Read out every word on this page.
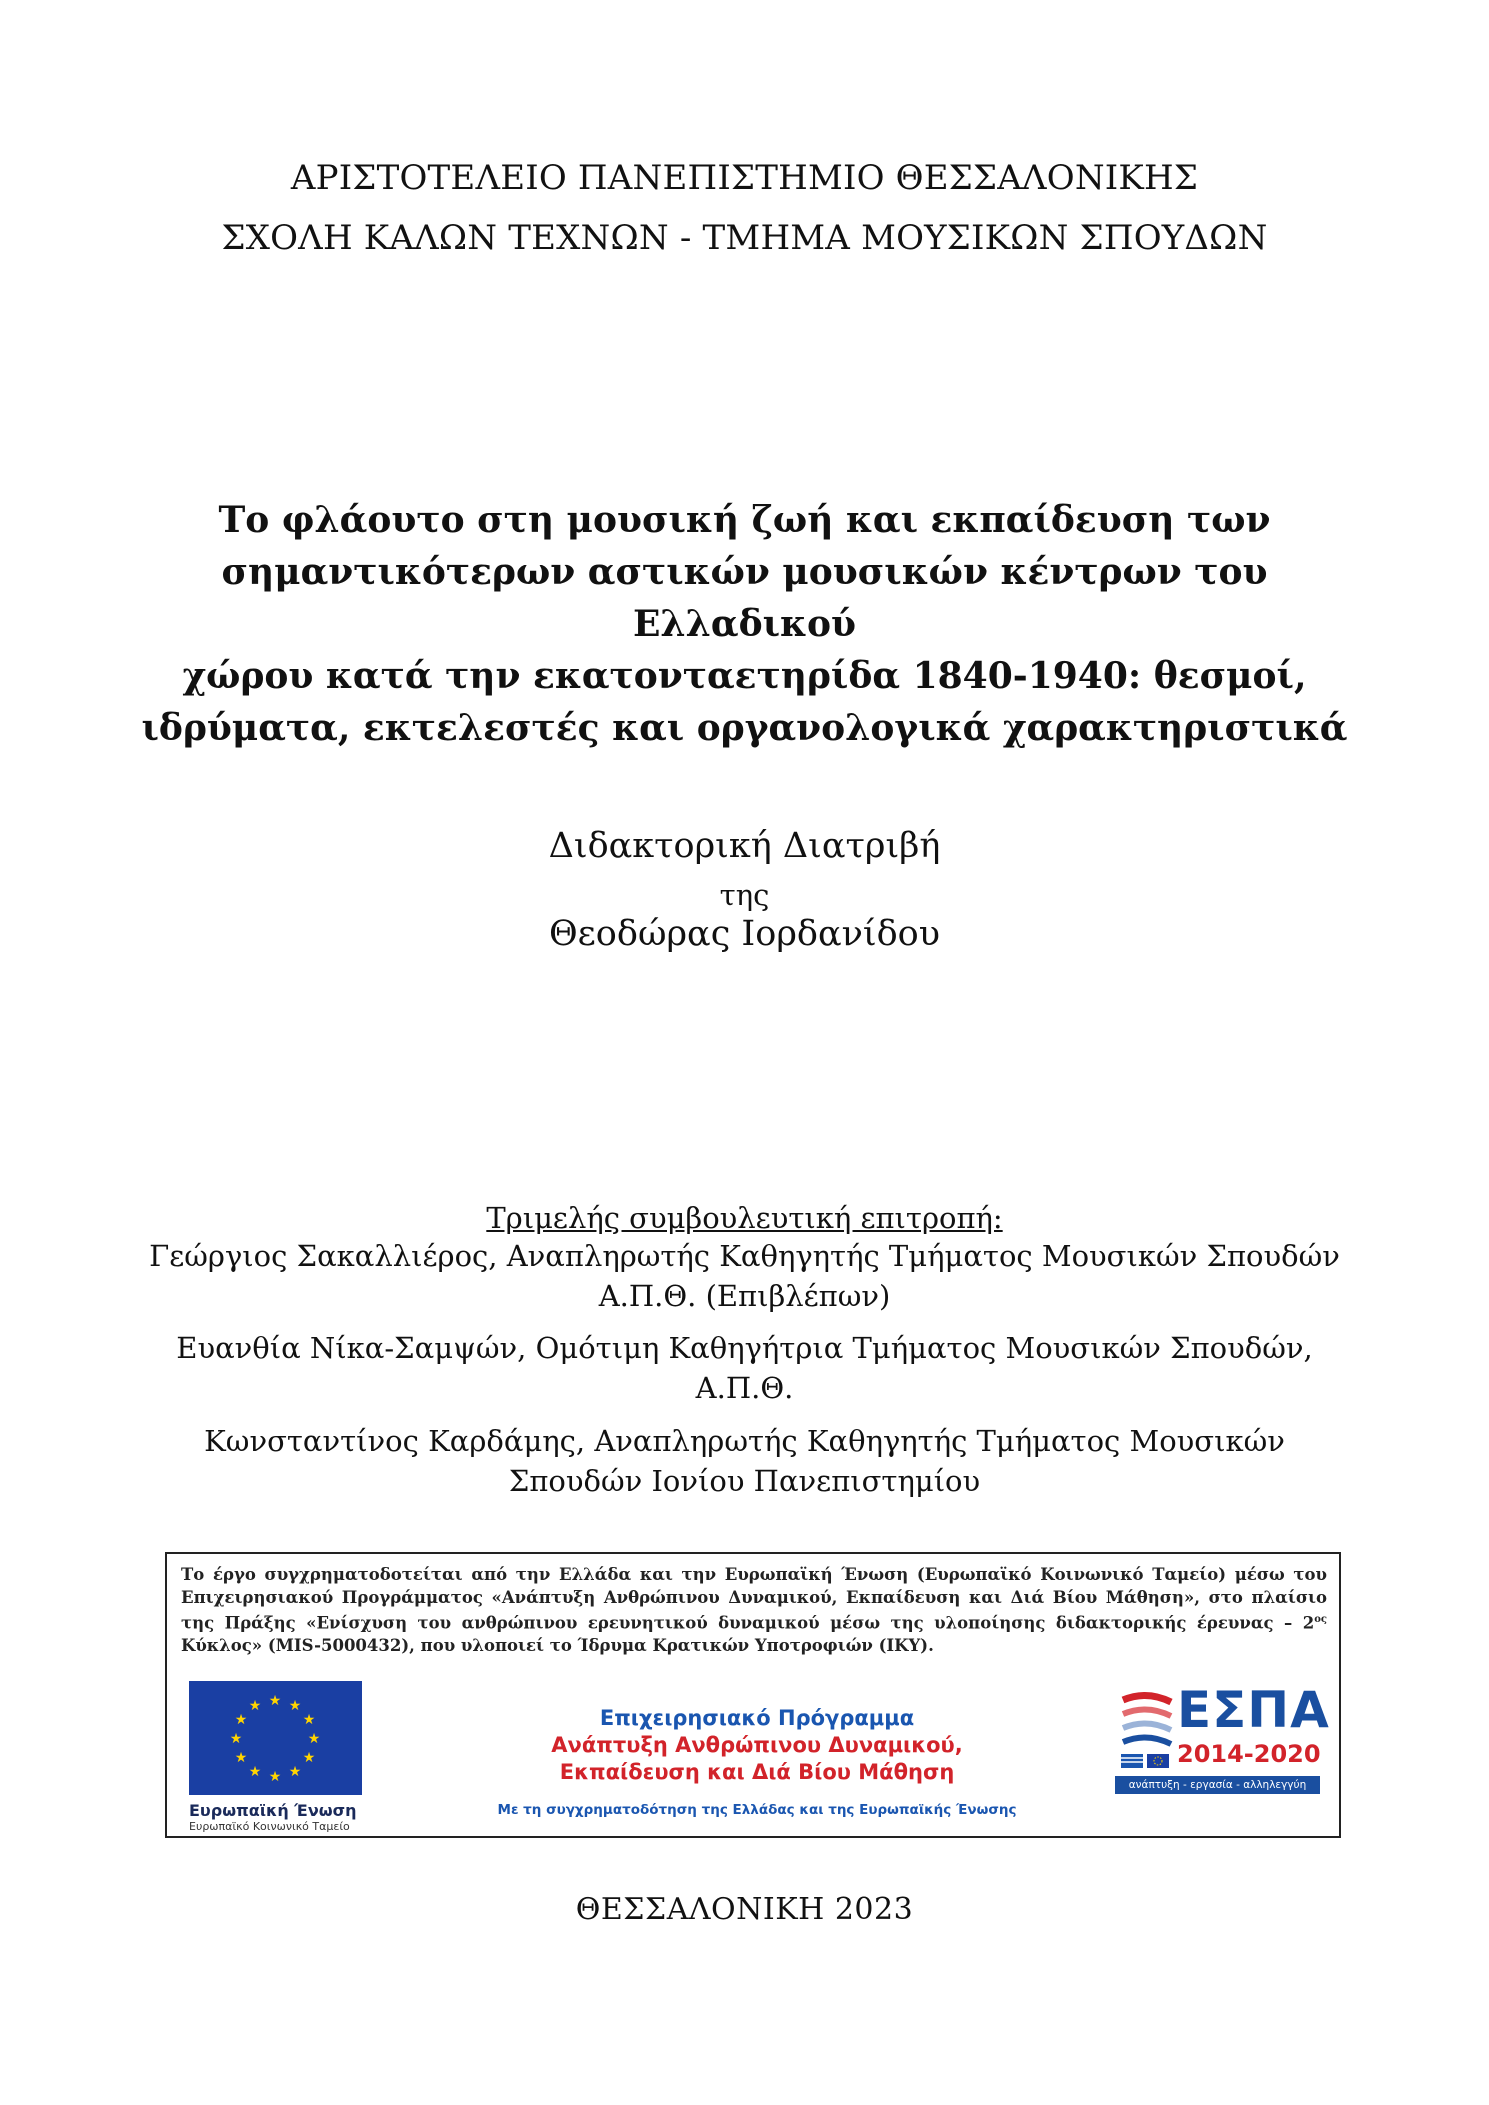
ΑΡΙΣΤΟΤΕΛΕΙΟ ΠΑΝΕΠΙΣΤΗΜΙΟ ΘΕΣΣΑΛΟΝΙΚΗΣ
ΣΧΟΛΗ ΚΑΛΩΝ ΤΕΧΝΩΝ - ΤΜΗΜΑ ΜΟΥΣΙΚΩΝ ΣΠΟΥΔΩΝ
Το φλάουτο στη μουσική ζωή και εκπαίδευση των
σημαντικότερων αστικών μουσικών κέντρων του Ελλαδικού
χώρου κατά την εκατονταετηρίδα 1840-1940: θεσμοί,
ιδρύματα, εκτελεστές και οργανολογικά χαρακτηριστικά
Διδακτορική Διατριβή
της
Θεοδώρας Ιορδανίδου
Τριμελής συμβουλευτική επιτροπή:
Γεώργιος Σακαλλιέρος, Αναπληρωτής Καθηγητής Τμήματος Μουσικών Σπουδών
Α.Π.Θ. (Επιβλέπων)
Ευανθία Νίκα-Σαμψών, Ομότιμη Καθηγήτρια Τμήματος Μουσικών Σπουδών,
Α.Π.Θ.
Κωνσταντίνος Καρδάμης, Αναπληρωτής Καθηγητής Τμήματος Μουσικών
Σπουδών Ιονίου Πανεπιστημίου
Το έργο συγχρηματοδοτείται από την Ελλάδα και την Ευρωπαϊκή Ένωση (Ευρωπαϊκό Κοινωνικό Ταμείο) μέσω του Επιχειρησιακού Προγράμματος «Ανάπτυξη Ανθρώπινου Δυναμικού, Εκπαίδευση και Διά Βίου Μάθηση», στο πλαίσιο της Πράξης «Ενίσχυση του ανθρώπινου ερευνητικού δυναμικού μέσω της υλοποίησης διδακτορικής έρευνας – $2^{o\varsigma}$ Κύκλος» (MIS-5000432), που υλοποιεί το Ίδρυμα Κρατικών Υποτροφιών (ΙΚΥ).
★ ★
★
★
★
★
★
★
★
★
★
★
Ευρωπαϊκή Ένωση
Ευρωπαϊκό Κοινωνικό Ταμείο
Επιχειρησιακό Πρόγραμμα
Ανάπτυξη Ανθρώπινου Δυναμικού,
Εκπαίδευση και Διά Βίου Μάθηση
Με τη συγχρηματοδότηση της Ελλάδας και της Ευρωπαϊκής Ένωσης
ΕΣΠΑ
2014-2020
ανάπτυξη - εργασία - αλληλεγγύη
ΘΕΣΣΑΛΟΝΙΚΗ 2023
